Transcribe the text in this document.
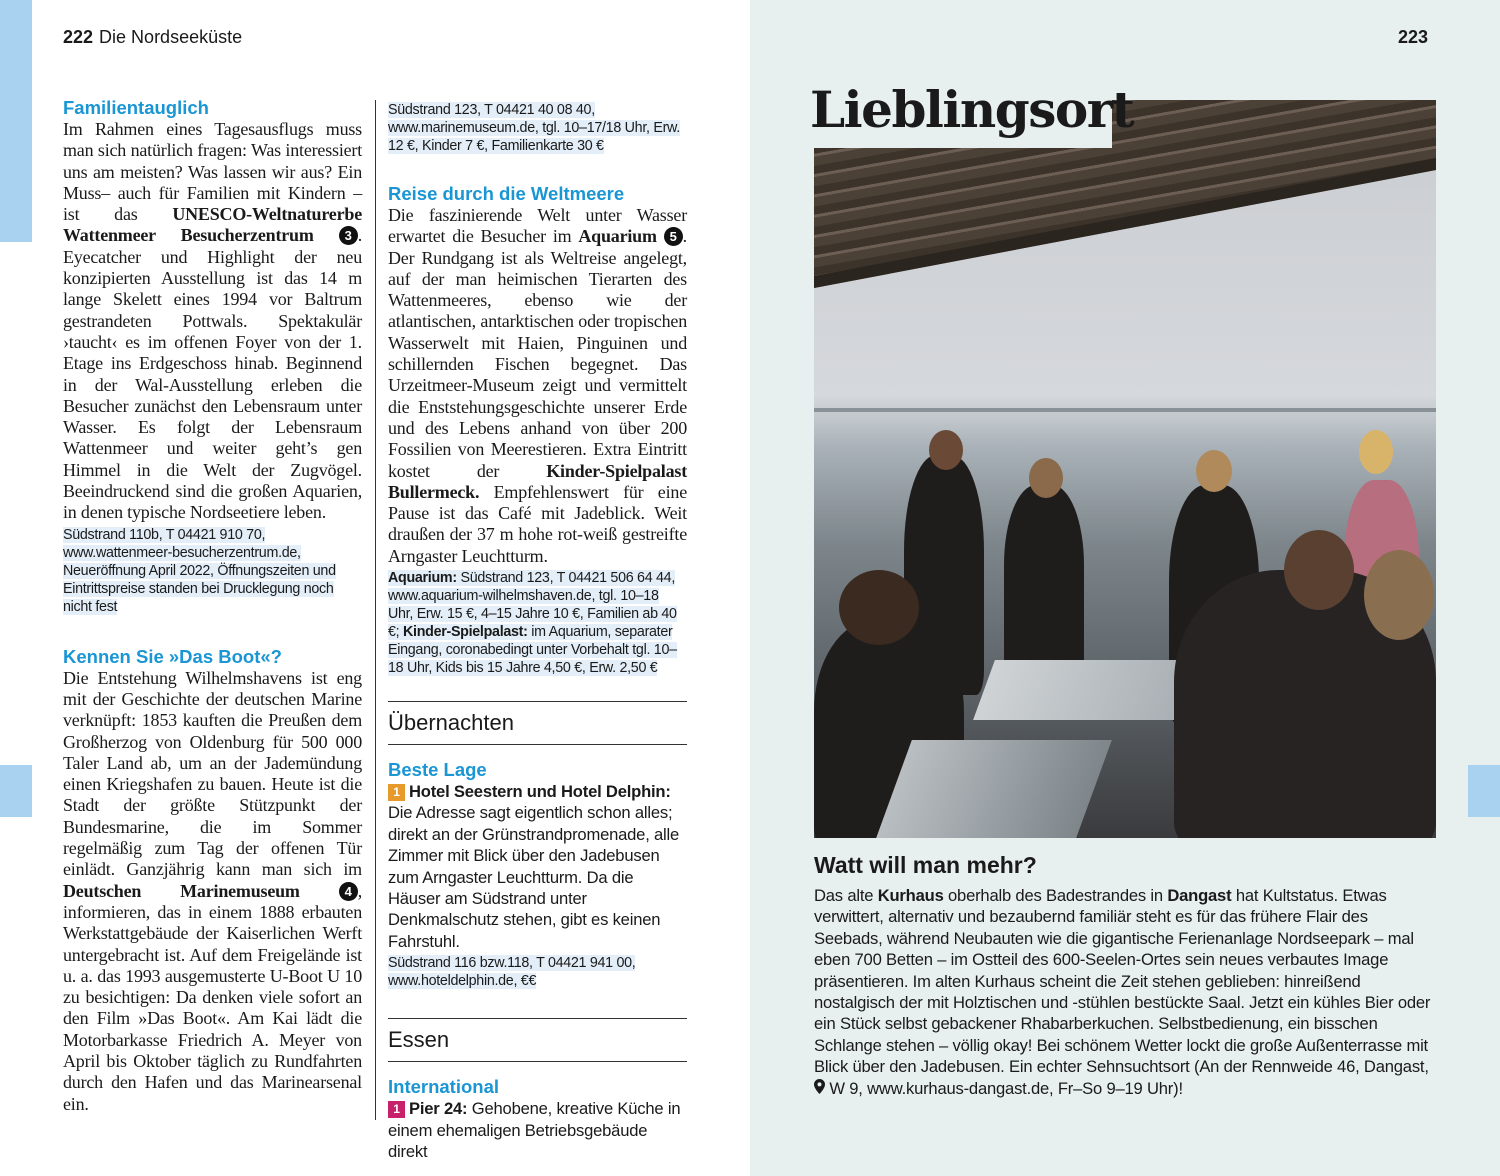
222 Die Nordseeküste
Familientauglich

Im Rahmen eines Tagesausflugs muss man sich natürlich fragen: Was interessiert uns am meisten? Was lassen wir aus? Ein Muss– auch für Familien mit Kindern – ist das UNESCO-Weltnaturerbe Wattenmeer Besucherzentrum 3 . Eyecatcher und Highlight der neu konzipierten Ausstellung ist das 14 m lange Skelett eines 1994 vor Baltrum gestrandeten Pottwals. Spektakulär ›taucht‹ es im offenen Foyer von der 1. Etage ins Erdgeschoss hinab. Beginnend in der Wal-Ausstellung erleben die Besucher zunächst den Lebensraum unter Wasser. Es folgt der Lebensraum Wattenmeer und weiter geht’s gen Himmel in die Welt der Zugvögel. Beeindruckend sind die großen Aquarien, in denen typische Nordseetiere leben.

Südstrand 110b, T 04421 910 70, www.wattenmeer-besucherzentrum.de, Neueröffnung April 2022, Öffnungszeiten und Eintrittspreise standen bei Drucklegung noch nicht fest

Kennen Sie »Das Boot«?

Die Entstehung Wilhelmshavens ist eng mit der Geschichte der deutschen Marine verknüpft: 1853 kauften die Preußen dem Großherzog von Oldenburg für 500 000 Taler Land ab, um an der Jademündung einen Kriegshafen zu bauen. Heute ist die Stadt der größte Stützpunkt der Bundesmarine, die im Sommer regelmäßig zum Tag der offenen Tür einlädt. Ganzjährig kann man sich im Deutschen Marinemuseum	4 , informieren, das in einem 1888 erbauten Werkstattgebäude der Kaiserlichen Werft untergebracht ist. Auf dem Freigelände ist u. a. das 1993 ausgemusterte U-Boot U 10 zu besichtigen: Da denken viele sofort an den Film »Das Boot«. Am Kai lädt die Motorbarkasse Friedrich A. Meyer von April bis Oktober täglich zu Rundfahrten durch den Hafen und das Marinearsenal ein.

Südstrand 123, T 04421 40 08 40, www.marinemuseum.de, tgl. 10–17/18 Uhr, Erw. 12 €, Kinder 7 €, Familienkarte 30 €

Reise durch die Weltmeere

Die faszinierende Welt unter Wasser erwartet die Besucher im Aquarium 5 . Der Rundgang ist als Weltreise angelegt, auf der man heimischen Tierarten des Wattenmeeres, ebenso wie der atlantischen, antarktischen oder tropischen Wasserwelt mit Haien, Pinguinen und schillernden Fischen begegnet. Das Urzeitmeer-Museum zeigt und vermittelt die Enststehungsgeschichte unserer Erde und des Lebens anhand von über 200 Fossilien von Meerestieren. Extra Eintritt kostet der Kinder-Spielpalast Bullermeck. Empfehlenswert für eine Pause ist das Café mit Jadeblick. Weit draußen der 37 m hohe rot-weiß gestreifte Arngaster Leuchtturm.

Aquarium: Südstrand 123, T 04421 506 64 44, www.aquarium-wilhelmshaven.de, tgl. 10–18 Uhr, Erw. 15 €, 4–15 Jahre 10 €, Familien ab 40 €; Kinder-Spielpalast: im Aquarium, separater Eingang, coronabedingt unter Vorbehalt tgl. 10–18 Uhr, Kids bis 15 Jahre 4,50 €, Erw. 2,50 €

Übernachten
Beste Lage

1 Hotel Seestern und Hotel Delphin: Die Adresse sagt eigentlich schon alles; direkt an der Grünstrandpromenade, alle Zimmer mit Blick über den Jadebusen zum Arngaster Leuchtturm. Da die Häuser am Südstrand unter Denkmalschutz stehen, gibt es keinen Fahrstuhl.

Südstrand 116 bzw.118, T 04421 941 00, www.hoteldelphin.de, €€

Essen
International

1 Pier 24: Gehobene, kreative Küche in einem ehemaligen Betriebsgebäude direkt

223
Lieblingsort
Watt will man mehr?

Das alte Kurhaus oberhalb des Badestrandes in Dangast hat Kultstatus. Etwas verwittert, alternativ und bezaubernd familiär steht es für das frühere Flair des Seebads, während Neubauten wie die gigantische Ferienanlage Nordseepark – mal eben 700 Betten – im Ostteil des 600-Seelen-Ortes sein neues verbautes Image präsentieren. Im alten Kurhaus scheint die Zeit stehen geblieben: hinreißend nostalgisch der mit Holztischen und -stühlen bestückte Saal. Jetzt ein kühles Bier oder ein Stück selbst gebackener Rhabarberkuchen. Selbstbedienung, ein bisschen Schlange stehen – völlig okay! Bei schönem Wetter lockt die große Außenterrasse mit Blick über den Jadebusen. Ein echter Sehnsuchtsort (An der Rennweide 46, Dangast,  W 9, www.kurhaus-dangast.de, Fr–So 9–19 Uhr)!
